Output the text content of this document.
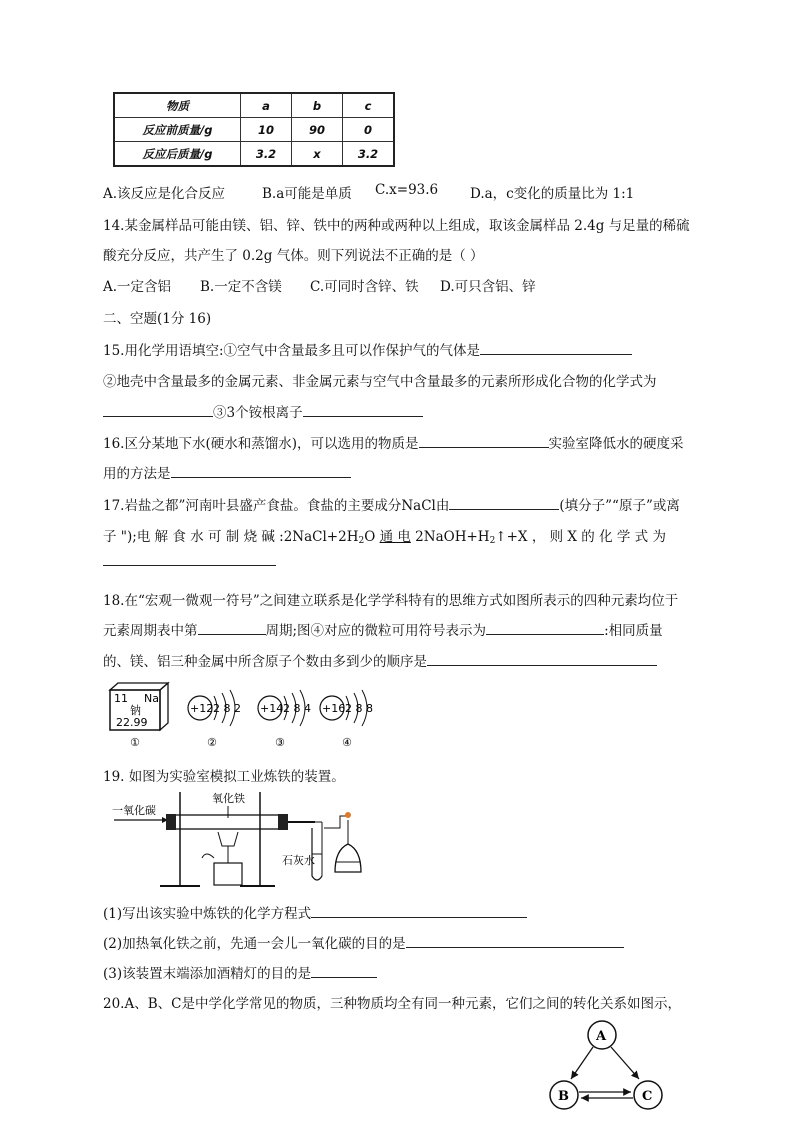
物质	a	b	c
反应前质量/g	10	90	0
反应后质量/g	3.2	x	3.2
A.该反应是化合反应	B.a可能是单质 C.x=93.6 D.a，c变化的质量比为 1:1
14.某金属样品可能由镁、铝、锌、铁中的两种或两种以上组成，取该金属样品 2.4g 与足量的稀硫
酸充分反应，共产生了 0.2g 气体。则下列说法不正确的是（ ）
A.一定含铝 B.一定不含镁 C.可同时含锌、铁 D.可只含铝、锌
二、空题(1分 16)
15.用化学用语填空:①空气中含量最多且可以作保护气的气体是
②地壳中含量最多的金属元素、非金属元素与空气中含量最多的元素所形成化合物的化学式为
③3个铵根离子
16.区分某地下水(硬水和蒸馏水)，可以选用的物质是	实验室降低水的硬度采
用的方法是
17.岩盐之都”河南叶县盛产食盐。食盐的主要成分NaCl由	(填分子”“原子”或离
子 ");电 解 食 水 可 制 烧 碱 $:2NaCl+2H_2O$ 通 电 $2NaOH+H_2↑+X$ ， 则 X 的 化 学 式 为
18.在“宏观一微观一符号”之间建立联系是化学学科特有的思维方式如图所表示的四种元素均位于
元素周期表中第	周期;图④对应的微粒可用符号表示为	:相同质量
的、镁、铝三种金属中所含原子个数由多到少的顺序是
11 Na
钠
22.99
+12 2 8 2 +14 2 8 4 +16 2 8 8
①	②	③	④
19. 如图为实验室模拟工业炼铁的装置。
一氧化碳
氧化铁
石灰水
(1)写出该实验中炼铁的化学方程式
(2)加热氧化铁之前，先通一会儿一氧化碳的目的是
(3)该装置末端添加酒精灯的目的是
20.A、B、C是中学化学常见的物质，三种物质均全有同一种元素，它们之间的转化关系如图示，
A
B	C
